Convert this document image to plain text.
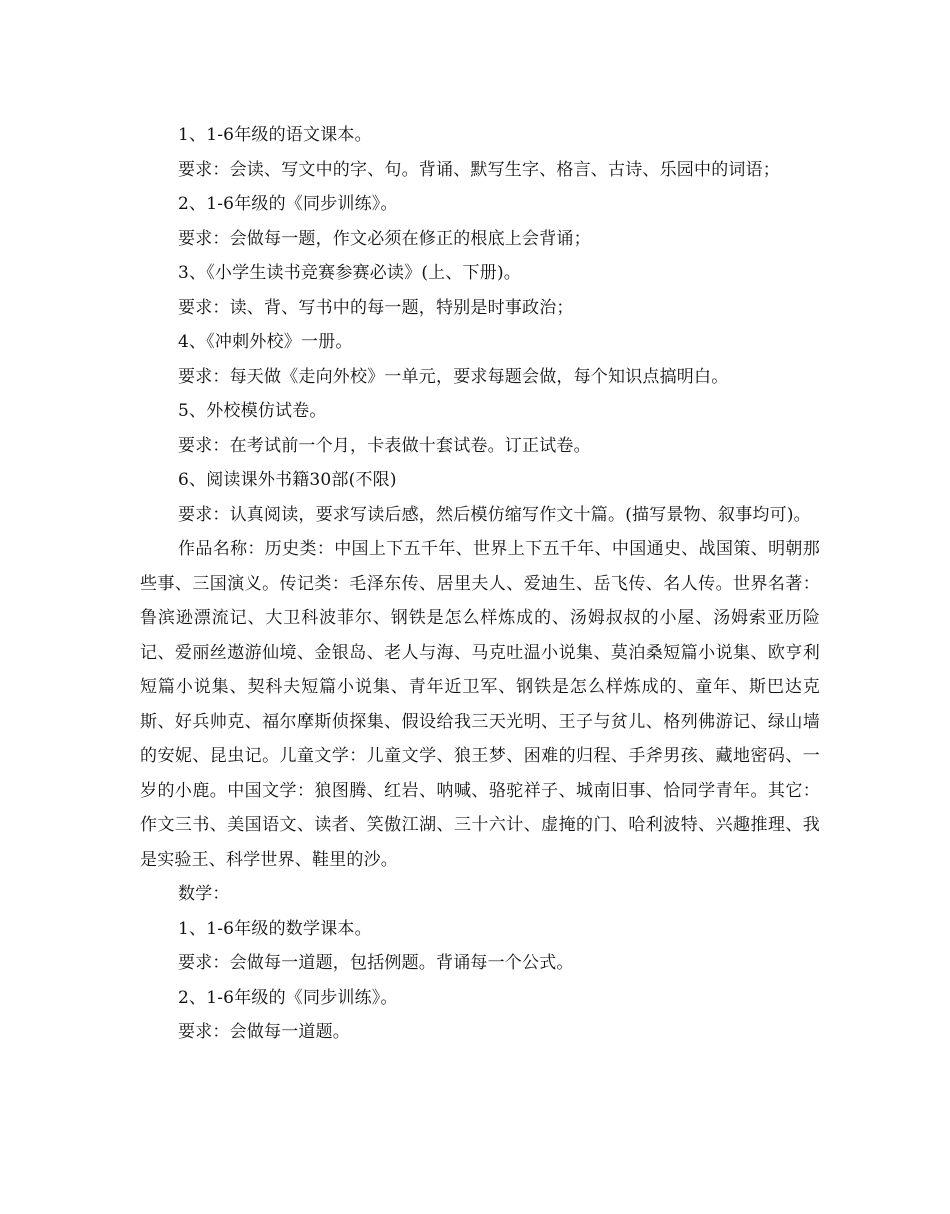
1、1-6年级的语文课本。

要求：会读、写文中的字、句。背诵、默写生字、格言、古诗、乐园中的词语；

2、1-6年级的《同步训练》。

要求：会做每一题，作文必须在修正的根底上会背诵；

3、《小学生读书竞赛参赛必读》(上、下册)。

要求：读、背、写书中的每一题，特别是时事政治；

4、《冲刺外校》一册。

要求：每天做《走向外校》一单元，要求每题会做，每个知识点搞明白。

5、外校模仿试卷。

要求：在考试前一个月，卡表做十套试卷。订正试卷。

6、阅读课外书籍30部(不限)

要求：认真阅读，要求写读后感，然后模仿缩写作文十篇。(描写景物、叙事均可)。

作品名称：历史类：中国上下五千年、世界上下五千年、中国通史、战国策、明朝那些事、三国演义。传记类：毛泽东传、居里夫人、爱迪生、岳飞传、名人传。世界名著：鲁滨逊漂流记、大卫科波菲尔、钢铁是怎么样炼成的、汤姆叔叔的小屋、汤姆索亚历险记、爱丽丝遨游仙境、金银岛、老人与海、马克吐温小说集、莫泊桑短篇小说集、欧亨利短篇小说集、契科夫短篇小说集、青年近卫军、钢铁是怎么样炼成的、童年、斯巴达克斯、好兵帅克、福尔摩斯侦探集、假设给我三天光明、王子与贫儿、格列佛游记、绿山墙的安妮、昆虫记。儿童文学：儿童文学、狼王梦、困难的归程、手斧男孩、藏地密码、一岁的小鹿。中国文学：狼图腾、红岩、呐喊、骆驼祥子、城南旧事、恰同学青年。其它：作文三书、美国语文、读者、笑傲江湖、三十六计、虚掩的门、哈利波特、兴趣推理、我是实验王、科学世界、鞋里的沙。

数学：

1、1-6年级的数学课本。

要求：会做每一道题，包括例题。背诵每一个公式。

2、1-6年级的《同步训练》。

要求：会做每一道题。
